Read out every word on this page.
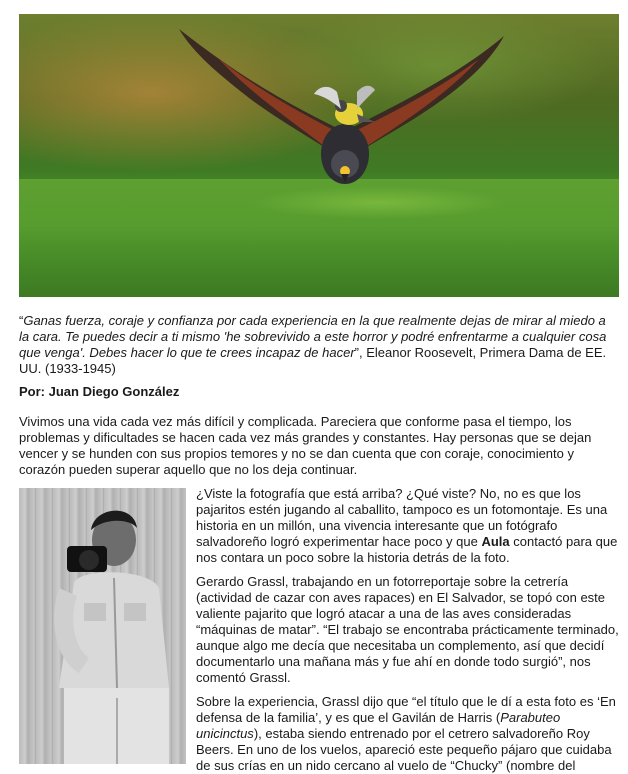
“Ganas fuerza, coraje y confianza por cada experiencia en la que realmente dejas de mirar al miedo a la cara. Te puedes decir a ti mismo 'he sobrevivido a este horror y podré enfrentarme a cualquier cosa que venga'. Debes hacer lo que te crees incapaz de hacer”, Eleanor Roosevelt, Primera Dama de EE. UU. (1933-1945)
Por: Juan Diego González
Vivimos una vida cada vez más difícil y complicada. Pareciera que conforme pasa el tiempo, los problemas y dificultades se hacen cada vez más grandes y constantes. Hay personas que se dejan vencer y se hunden con sus propios temores y no se dan cuenta que con coraje, conocimiento y corazón pueden superar aquello que no los deja continuar.
¿Viste la fotografía que está arriba? ¿Qué viste? No, no es que los pajaritos estén jugando al caballito, tampoco es un fotomontaje. Es una historia en un millón, una vivencia interesante que un fotógrafo salvadoreño logró experimentar hace poco y que Aula contactó para que nos contara un poco sobre la historia detrás de la foto.
Gerardo Grassl, trabajando en un fotorreportaje sobre la cetrería (actividad de cazar con aves rapaces) en El Salvador, se topó con este valiente pajarito que logró atacar a una de las aves consideradas “máquinas de matar”. “El trabajo se encontraba prácticamente terminado, aunque algo me decía que necesitaba un complemento, así que decidí documentarlo una mañana más y fue ahí en donde todo surgió”, nos comentó Grassl.
Sobre la experiencia, Grassl dijo que “el título que le dí a esta foto es ‘En defensa de la familia’, y es que el Gavilán de Harris (Parabuteo unicinctus), estaba siendo entrenado por el cetrero salvadoreño Roy Beers. En uno de los vuelos, apareció este pequeño pájaro que cuidaba de sus crías en un nido cercano al vuelo de “Chucky” (nombre del
